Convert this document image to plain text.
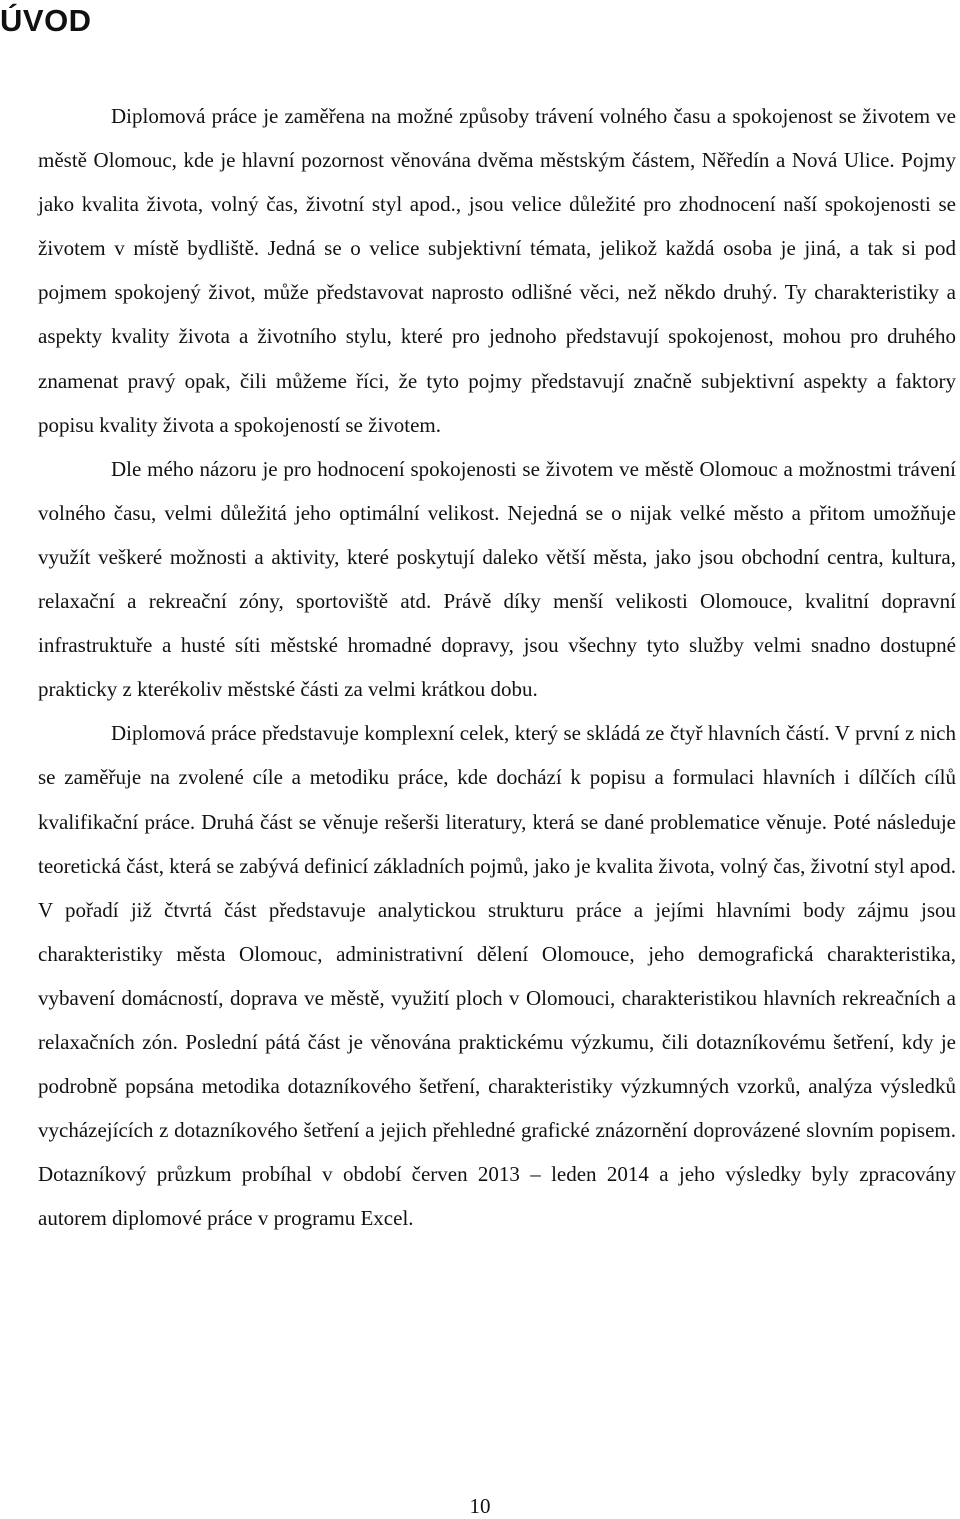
ÚVOD

Diplomová práce je zaměřena na možné způsoby trávení volného času a spokojenost se životem ve městě Olomouc, kde je hlavní pozornost věnována dvěma městským částem, Něředín a Nová Ulice. Pojmy jako kvalita života, volný čas, životní styl apod., jsou velice důležité pro zhodnocení naší spokojenosti se životem v místě bydliště. Jedná se o velice subjektivní témata, jelikož každá osoba je jiná, a tak si pod pojmem spokojený život, může představovat naprosto odlišné věci, než někdo druhý. Ty charakteristiky a aspekty kvality života a životního stylu, které pro jednoho představují spokojenost, mohou pro druhého znamenat pravý opak, čili můžeme říci, že tyto pojmy představují značně subjektivní aspekty a faktory popisu kvality života a spokojeností se životem.

Dle mého názoru je pro hodnocení spokojenosti se životem ve městě Olomouc a možnostmi trávení volného času, velmi důležitá jeho optimální velikost. Nejedná se o nijak velké město a přitom umožňuje využít veškeré možnosti a aktivity, které poskytují daleko větší města, jako jsou obchodní centra, kultura, relaxační a rekreační zóny, sportoviště atd. Právě díky menší velikosti Olomouce, kvalitní dopravní infrastruktuře a husté síti městské hromadné dopravy, jsou všechny tyto služby velmi snadno dostupné prakticky z kterékoliv městské části za velmi krátkou dobu.

Diplomová práce představuje komplexní celek, který se skládá ze čtyř hlavních částí. V první z nich se zaměřuje na zvolené cíle a metodiku práce, kde dochází k popisu a formulaci hlavních i dílčích cílů kvalifikační práce. Druhá část se věnuje rešerši literatury, která se dané problematice věnuje. Poté následuje teoretická část, která se zabývá definicí základních pojmů, jako je kvalita života, volný čas, životní styl apod. V pořadí již čtvrtá část představuje analytickou strukturu práce a jejími hlavními body zájmu jsou charakteristiky města Olomouc, administrativní dělení Olomouce, jeho demografická charakteristika, vybavení domácností, doprava ve městě, využití ploch v Olomouci, charakteristikou hlavních rekreačních a relaxačních zón. Poslední pátá část je věnována praktickému výzkumu, čili dotazníkovému šetření, kdy je podrobně popsána metodika dotazníkového šetření, charakteristiky výzkumných vzorků, analýza výsledků vycházejících z dotazníkového šetření a jejich přehledné grafické znázornění doprovázené slovním popisem. Dotazníkový průzkum probíhal v období červen 2013 – leden 2014 a jeho výsledky byly zpracovány autorem diplomové práce v programu Excel.

10
